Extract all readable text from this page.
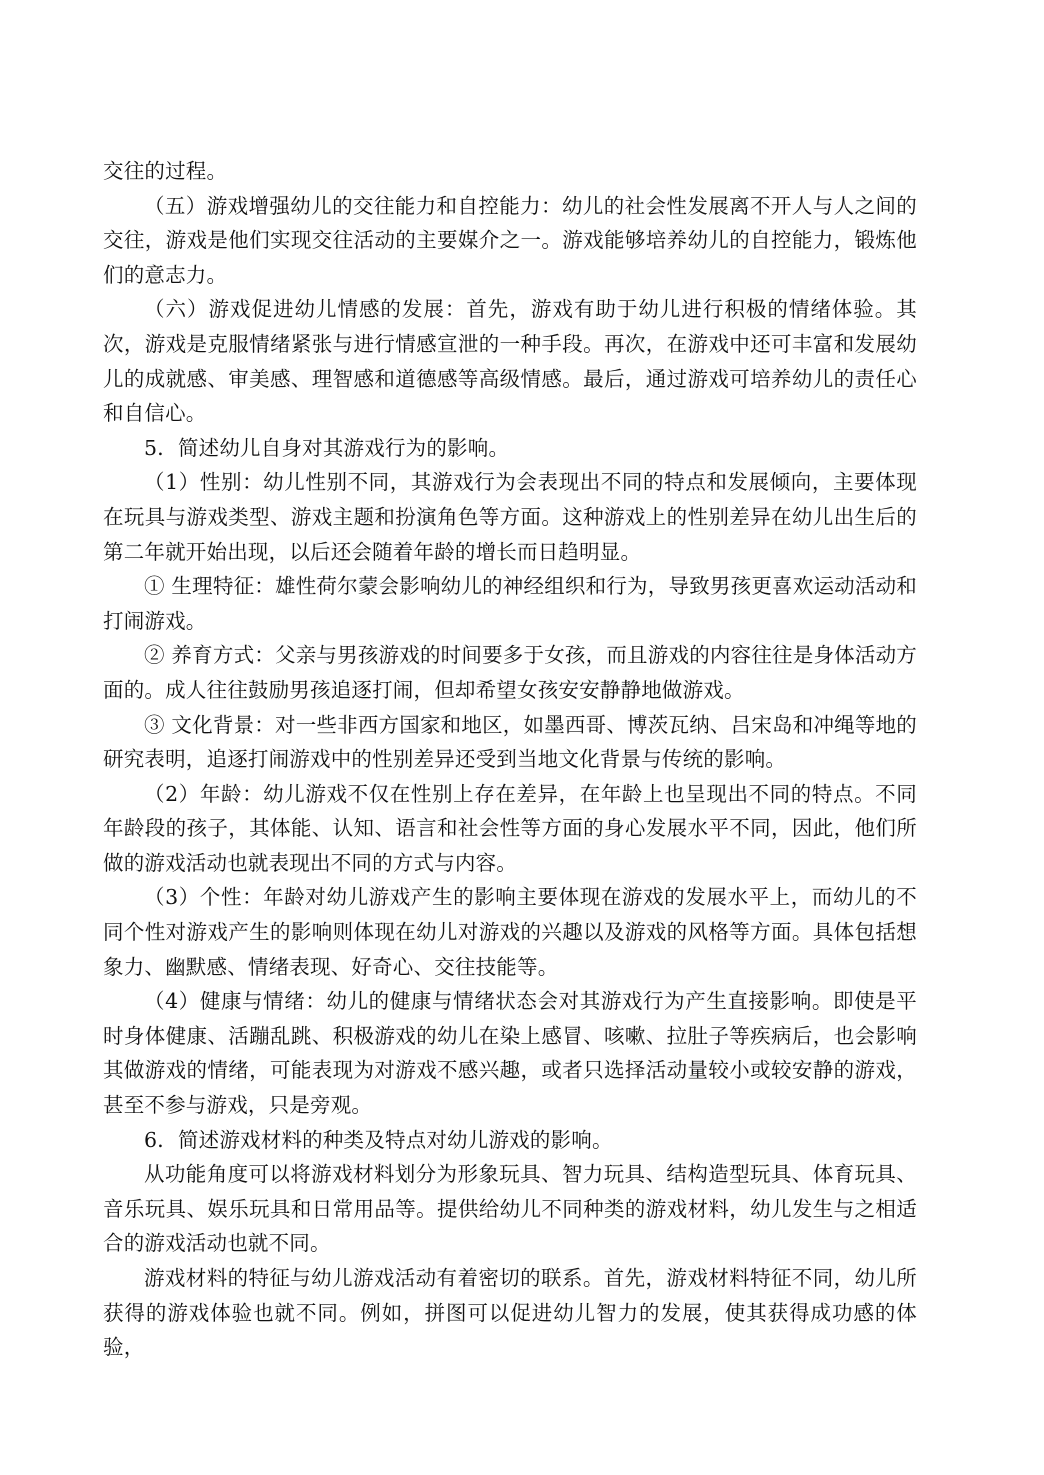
交往的过程。

（五）游戏增强幼儿的交往能力和自控能力：幼儿的社会性发展离不开人与人之间的交往，游戏是他们实现交往活动的主要媒介之一。游戏能够培养幼儿的自控能力，锻炼他们的意志力。

（六）游戏促进幼儿情感的发展：首先，游戏有助于幼儿进行积极的情绪体验。其次，游戏是克服情绪紧张与进行情感宣泄的一种手段。再次，在游戏中还可丰富和发展幼儿的成就感、审美感、理智感和道德感等高级情感。最后，通过游戏可培养幼儿的责任心和自信心。

5．简述幼儿自身对其游戏行为的影响。

（1）性别：幼儿性别不同，其游戏行为会表现出不同的特点和发展倾向，主要体现在玩具与游戏类型、游戏主题和扮演角色等方面。这种游戏上的性别差异在幼儿出生后的第二年就开始出现，以后还会随着年龄的增长而日趋明显。

① 生理特征：雄性荷尔蒙会影响幼儿的神经组织和行为，导致男孩更喜欢运动活动和打闹游戏。

② 养育方式：父亲与男孩游戏的时间要多于女孩，而且游戏的内容往往是身体活动方面的。成人往往鼓励男孩追逐打闹，但却希望女孩安安静静地做游戏。

③ 文化背景：对一些非西方国家和地区，如墨西哥、博茨瓦纳、吕宋岛和冲绳等地的研究表明，追逐打闹游戏中的性别差异还受到当地文化背景与传统的影响。

（2）年龄：幼儿游戏不仅在性别上存在差异，在年龄上也呈现出不同的特点。不同年龄段的孩子，其体能、认知、语言和社会性等方面的身心发展水平不同，因此，他们所做的游戏活动也就表现出不同的方式与内容。

（3）个性：年龄对幼儿游戏产生的影响主要体现在游戏的发展水平上，而幼儿的不同个性对游戏产生的影响则体现在幼儿对游戏的兴趣以及游戏的风格等方面。具体包括想象力、幽默感、情绪表现、好奇心、交往技能等。

（4）健康与情绪：幼儿的健康与情绪状态会对其游戏行为产生直接影响。即使是平时身体健康、活蹦乱跳、积极游戏的幼儿在染上感冒、咳嗽、拉肚子等疾病后，也会影响其做游戏的情绪，可能表现为对游戏不感兴趣，或者只选择活动量较小或较安静的游戏，甚至不参与游戏，只是旁观。

6．简述游戏材料的种类及特点对幼儿游戏的影响。

从功能角度可以将游戏材料划分为形象玩具、智力玩具、结构造型玩具、体育玩具、音乐玩具、娱乐玩具和日常用品等。提供给幼儿不同种类的游戏材料，幼儿发生与之相适合的游戏活动也就不同。

游戏材料的特征与幼儿游戏活动有着密切的联系。首先，游戏材料特征不同，幼儿所获得的游戏体验也就不同。例如，拼图可以促进幼儿智力的发展，使其获得成功感的体验，
